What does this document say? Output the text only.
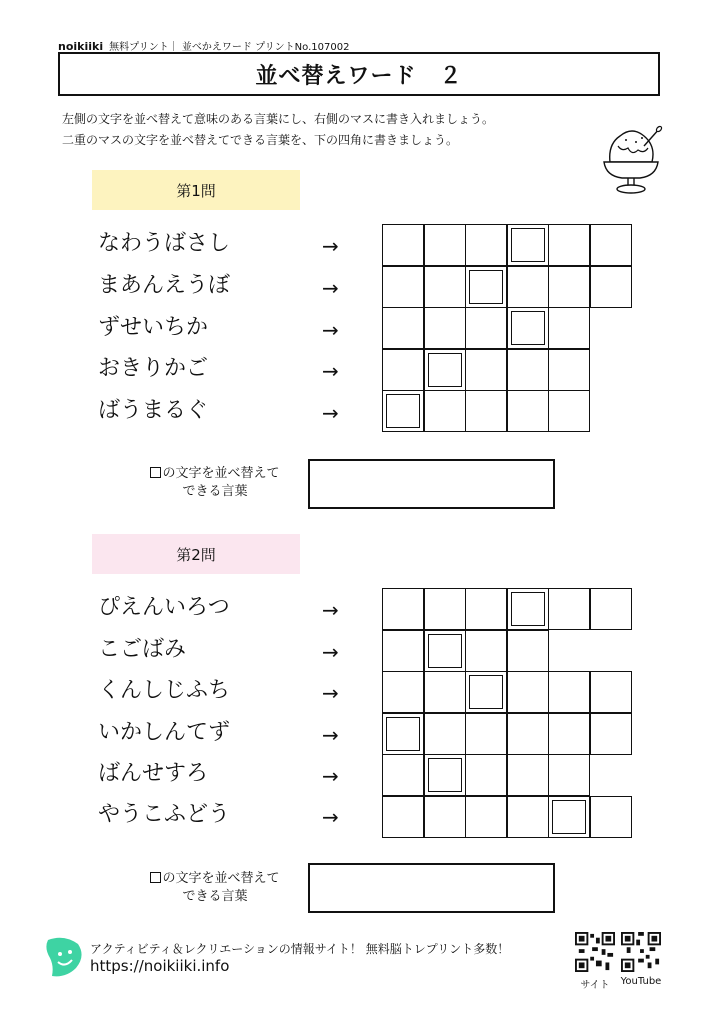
noikiiki 無料プリント｜ 並べかえワード プリントNo.107002
並べ替えワード　２
左側の文字を並べ替えて意味のある言葉にし、右側のマスに書き入れましょう。
二重のマスの文字を並べ替えてできる言葉を、下の四角に書きましょう。
第1問
なわうばさし
まあんえうぼ
ずせいちか
おきりかご
ばうまるぐ
→
→
→
→
→
の文字を並べ替えて
できる言葉
第2問
ぴえんいろつ
こごばみ
くんしじふち
いかしんてず
ばんせすろ
やうこふどう
→
→
→
→
→
→
の文字を並べ替えて
できる言葉
アクティビティ＆レクリエーションの情報サイト！ 無料脳トレプリント多数！
https://noikiiki.info
サイト	YouTube
